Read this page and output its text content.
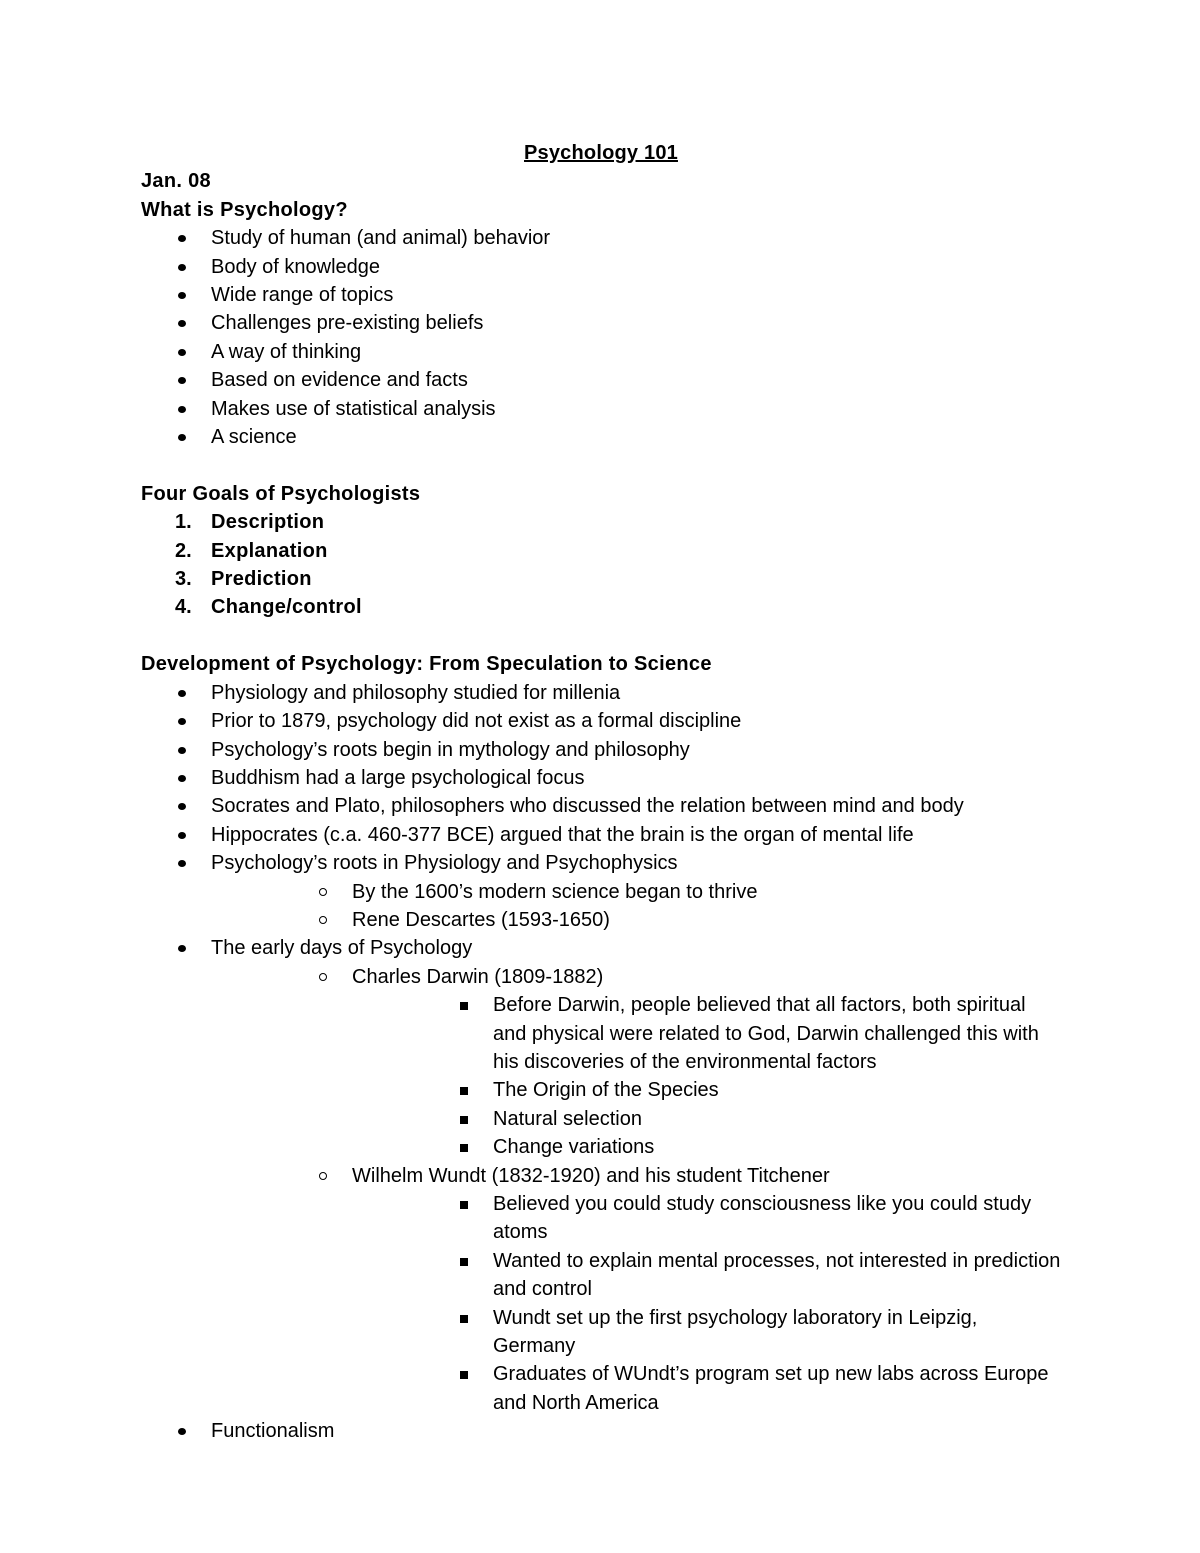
Psychology 101

Jan. 08

What is Psychology?

Study of human (and animal) behavior
Body of knowledge
Wide range of topics
Challenges pre-existing beliefs
A way of thinking
Based on evidence and facts
Makes use of statistical analysis
A science

Four Goals of Psychologists

1. Description
2. Explanation
3. Prediction
4. Change/control

Development of Psychology: From Speculation to Science

Physiology and philosophy studied for millenia
Prior to 1879, psychology did not exist as a formal discipline
Psychology’s roots begin in mythology and philosophy
Buddhism had a large psychological focus
Socrates and Plato, philosophers who discussed the relation between mind and body
Hippocrates (c.a. 460-377 BCE) argued that the brain is the organ of mental life
Psychology’s roots in Physiology and Psychophysics
By the 1600’s modern science began to thrive
Rene Descartes (1593-1650)
The early days of Psychology
Charles Darwin (1809-1882)
Before Darwin, people believed that all factors, both spiritual and physical were related to God, Darwin challenged this with his discoveries of the environmental factors
The Origin of the Species
Natural selection
Change variations
Wilhelm Wundt (1832-1920) and his student Titchener
Believed you could study consciousness like you could study atoms
Wanted to explain mental processes, not interested in prediction and control
Wundt set up the first psychology laboratory in Leipzig, Germany
Graduates of WUndt’s program set up new labs across Europe and North America
Functionalism
